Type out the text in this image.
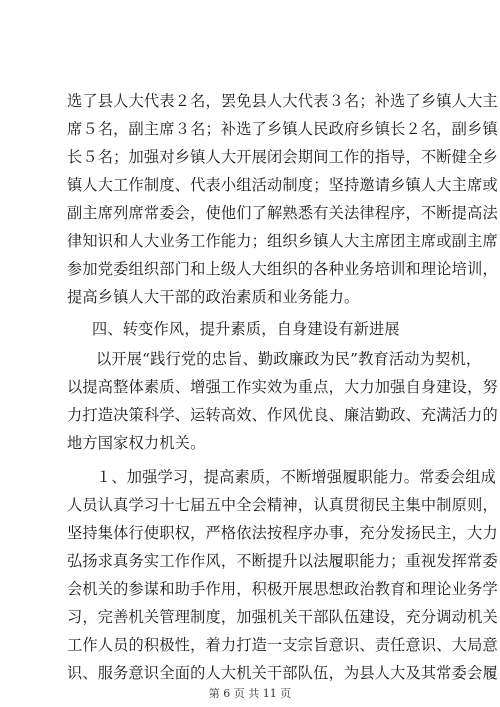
选了县人大代表２名，罢免县人大代表３名；补选了乡镇人大主
席５名，副主席３名；补选了乡镇人民政府乡镇长２名，副乡镇
长５名；加强对乡镇人大开展闭会期间工作的指导，不断健全乡
镇人大工作制度、代表小组活动制度；坚持邀请乡镇人大主席或
副主席列席常委会，使他们了解熟悉有关法律程序，不断提高法
律知识和人大业务工作能力；组织乡镇人大主席团主席或副主席
参加党委组织部门和上级人大组织的各种业务培训和理论培训，
提高乡镇人大干部的政治素质和业务能力。
四、转变作风，提升素质，自身建设有新进展
以开展“践行党的忠旨、勤政廉政为民”教育活动为契机，
以提高整体素质、增强工作实效为重点，大力加强自身建设，努
力打造决策科学、运转高效、作风优良、廉洁勤政、充满活力的
地方国家权力机关。
１、加强学习，提高素质，不断增强履职能力。常委会组成
人员认真学习十七届五中全会精神，认真贯彻民主集中制原则，
坚持集体行使职权，严格依法按程序办事，充分发扬民主，大力
弘扬求真务实工作作风，不断提升以法履职能力；重视发挥常委
会机关的参谋和助手作用，积极开展思想政治教育和理论业务学
习，完善机关管理制度，加强机关干部队伍建设，充分调动机关
工作人员的积极性，着力打造一支宗旨意识、责任意识、大局意
识、服务意识全面的人大机关干部队伍，为县人大及其常委会履
第 6 页 共 11 页
